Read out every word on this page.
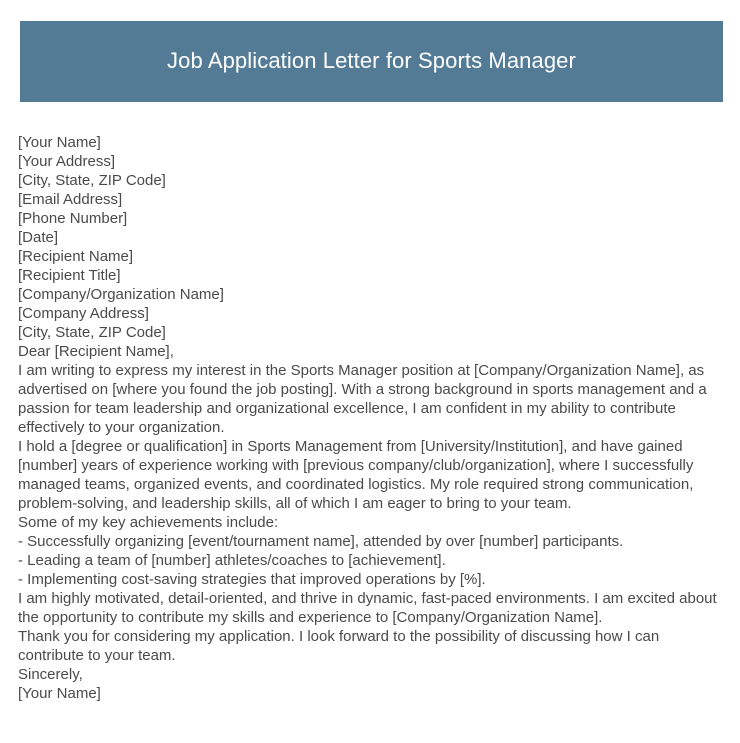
Job Application Letter for Sports Manager

[Your Name]

[Your Address]

[City, State, ZIP Code]

[Email Address]

[Phone Number]

[Date]

[Recipient Name]

[Recipient Title]

[Company/Organization Name]

[Company Address]

[City, State, ZIP Code]

Dear [Recipient Name],

I am writing to express my interest in the Sports Manager position at [Company/Organization Name], as advertised on [where you found the job posting]. With a strong background in sports management and a passion for team leadership and organizational excellence, I am confident in my ability to contribute effectively to your organization.

I hold a [degree or qualification] in Sports Management from [University/Institution], and have gained [number] years of experience working with [previous company/club/organization], where I successfully managed teams, organized events, and coordinated logistics. My role required strong communication, problem-solving, and leadership skills, all of which I am eager to bring to your team.

Some of my key achievements include:

- Successfully organizing [event/tournament name], attended by over [number] participants.

- Leading a team of [number] athletes/coaches to [achievement].

- Implementing cost-saving strategies that improved operations by [%].

I am highly motivated, detail-oriented, and thrive in dynamic, fast-paced environments. I am excited about the opportunity to contribute my skills and experience to [Company/Organization Name].

Thank you for considering my application. I look forward to the possibility of discussing how I can contribute to your team.

Sincerely,

[Your Name]
